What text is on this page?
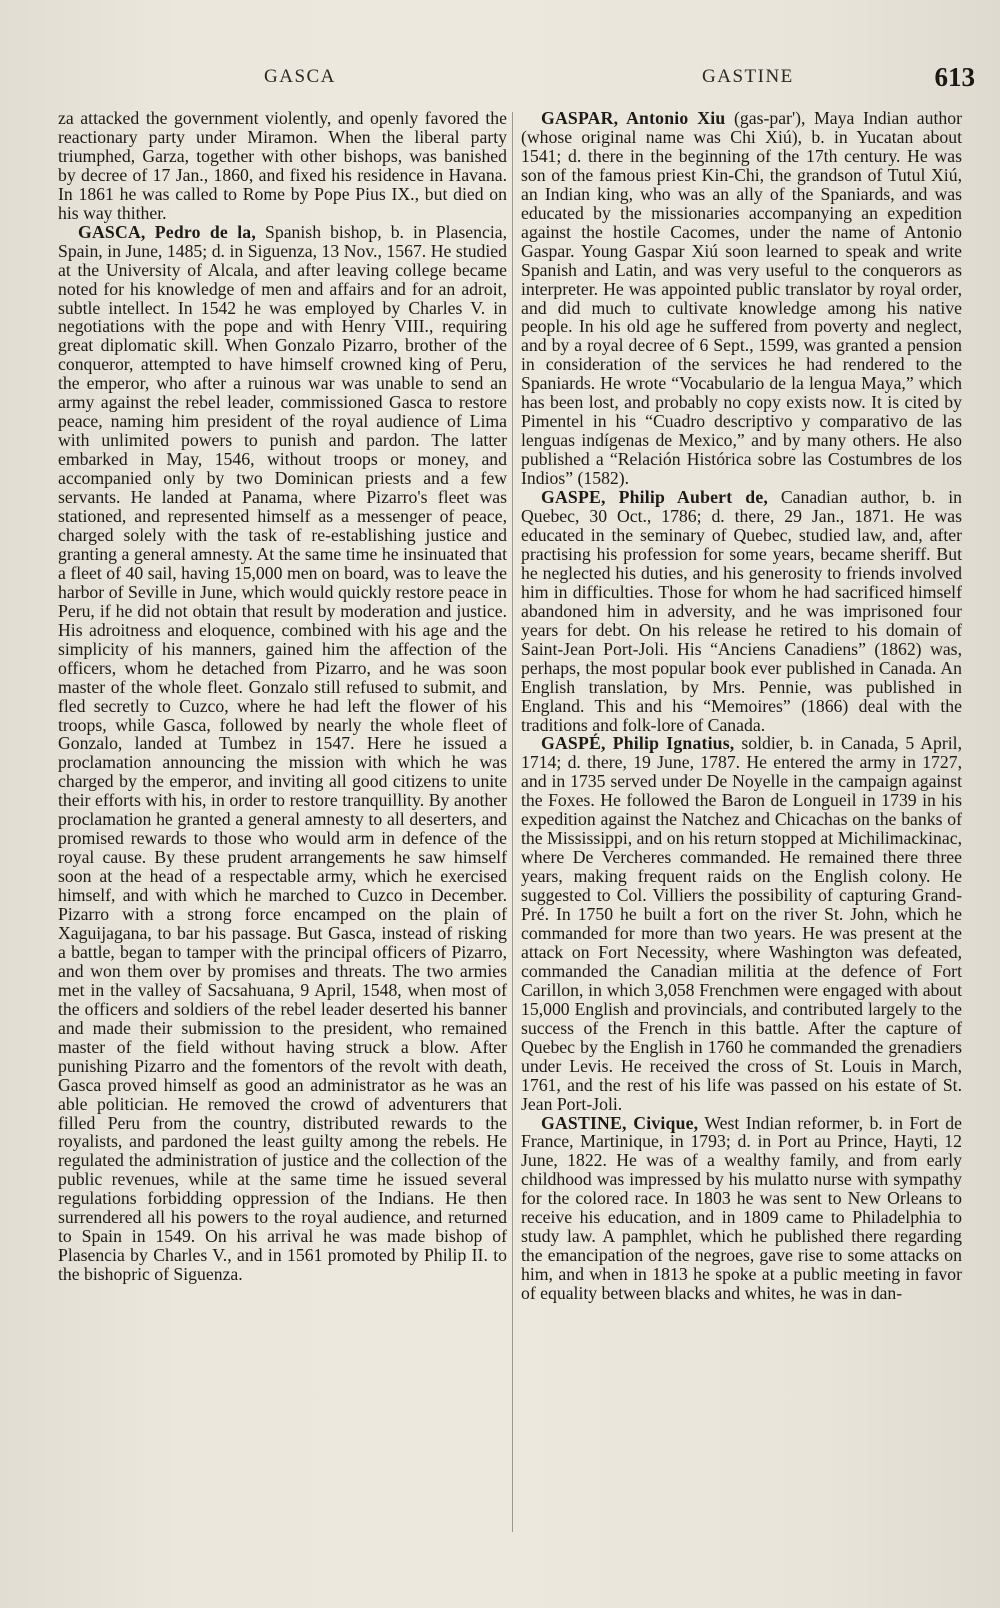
GASCA	GASTINE	613

za attacked the government violently, and openly favored the reactionary party under Miramon. When the liberal party triumphed, Garza, together with other bishops, was banished by decree of 17 Jan., 1860, and fixed his residence in Havana. In 1861 he was called to Rome by Pope Pius IX., but died on his way thither.

GASCA, Pedro de la, Spanish bishop, b. in Plasencia, Spain, in June, 1485; d. in Siguenza, 13 Nov., 1567. He studied at the University of Alcala, and after leaving college became noted for his knowledge of men and affairs and for an adroit, subtle intellect. In 1542 he was employed by Charles V. in negotiations with the pope and with Henry VIII., requiring great diplomatic skill. When Gonzalo Pizarro, brother of the conqueror, attempted to have himself crowned king of Peru, the emperor, who after a ruinous war was unable to send an army against the rebel leader, commissioned Gasca to restore peace, naming him president of the royal audience of Lima with unlimited powers to punish and pardon. The latter embarked in May, 1546, without troops or money, and accompanied only by two Dominican priests and a few servants. He landed at Panama, where Pizarro's fleet was stationed, and represented himself as a messenger of peace, charged solely with the task of re-establishing justice and granting a general amnesty. At the same time he insinuated that a fleet of 40 sail, having 15,000 men on board, was to leave the harbor of Seville in June, which would quickly restore peace in Peru, if he did not obtain that result by moderation and justice. His adroitness and eloquence, combined with his age and the simplicity of his manners, gained him the affection of the officers, whom he detached from Pizarro, and he was soon master of the whole fleet. Gonzalo still refused to submit, and fled secretly to Cuzco, where he had left the flower of his troops, while Gasca, followed by nearly the whole fleet of Gonzalo, landed at Tumbez in 1547. Here he issued a proclamation announcing the mission with which he was charged by the emperor, and inviting all good citizens to unite their efforts with his, in order to restore tranquillity. By another proclamation he granted a general amnesty to all deserters, and promised rewards to those who would arm in defence of the royal cause. By these prudent arrangements he saw himself soon at the head of a respectable army, which he exercised himself, and with which he marched to Cuzco in December. Pizarro with a strong force encamped on the plain of Xaguijagana, to bar his passage. But Gasca, instead of risking a battle, began to tamper with the principal officers of Pizarro, and won them over by promises and threats. The two armies met in the valley of Sacsahuana, 9 April, 1548, when most of the officers and soldiers of the rebel leader deserted his banner and made their submission to the president, who remained master of the field without having struck a blow. After punishing Pizarro and the fomentors of the revolt with death, Gasca proved himself as good an administrator as he was an able politician. He removed the crowd of adventurers that filled Peru from the country, distributed rewards to the royalists, and pardoned the least guilty among the rebels. He regulated the administration of justice and the collection of the public revenues, while at the same time he issued several regulations forbidding oppression of the Indians. He then surrendered all his powers to the royal audience, and returned to Spain in 1549. On his arrival he was made bishop of Plasencia by Charles V., and in 1561 promoted by Philip II. to the bishopric of Siguenza.

GASPAR, Antonio Xiu (gas-par'), Maya Indian author (whose original name was Chi Xiú), b. in Yucatan about 1541; d. there in the beginning of the 17th century. He was son of the famous priest Kin-Chi, the grandson of Tutul Xiú, an Indian king, who was an ally of the Spaniards, and was educated by the missionaries accompanying an expedition against the hostile Cacomes, under the name of Antonio Gaspar. Young Gaspar Xiú soon learned to speak and write Spanish and Latin, and was very useful to the conquerors as interpreter. He was appointed public translator by royal order, and did much to cultivate knowledge among his native people. In his old age he suffered from poverty and neglect, and by a royal decree of 6 Sept., 1599, was granted a pension in consideration of the services he had rendered to the Spaniards. He wrote “Vocabulario de la lengua Maya,” which has been lost, and probably no copy exists now. It is cited by Pimentel in his “Cuadro descriptivo y comparativo de las lenguas indígenas de Mexico,” and by many others. He also published a “Relación Histórica sobre las Costumbres de los Indios” (1582).

GASPE, Philip Aubert de, Canadian author, b. in Quebec, 30 Oct., 1786; d. there, 29 Jan., 1871. He was educated in the seminary of Quebec, studied law, and, after practising his profession for some years, became sheriff. But he neglected his duties, and his generosity to friends involved him in difficulties. Those for whom he had sacrificed himself abandoned him in adversity, and he was imprisoned four years for debt. On his release he retired to his domain of Saint-Jean Port-Joli. His “Anciens Canadiens” (1862) was, perhaps, the most popular book ever published in Canada. An English translation, by Mrs. Pennie, was published in England. This and his “Memoires” (1866) deal with the traditions and folk-lore of Canada.

GASPÉ, Philip Ignatius, soldier, b. in Canada, 5 April, 1714; d. there, 19 June, 1787. He entered the army in 1727, and in 1735 served under De Noyelle in the campaign against the Foxes. He followed the Baron de Longueil in 1739 in his expedition against the Natchez and Chicachas on the banks of the Mississippi, and on his return stopped at Michilimackinac, where De Vercheres commanded. He remained there three years, making frequent raids on the English colony. He suggested to Col. Villiers the possibility of capturing Grand-Pré. In 1750 he built a fort on the river St. John, which he commanded for more than two years. He was present at the attack on Fort Necessity, where Washington was defeated, commanded the Canadian militia at the defence of Fort Carillon, in which 3,058 Frenchmen were engaged with about 15,000 English and provincials, and contributed largely to the success of the French in this battle. After the capture of Quebec by the English in 1760 he commanded the grenadiers under Levis. He received the cross of St. Louis in March, 1761, and the rest of his life was passed on his estate of St. Jean Port-Joli.

GASTINE, Civique, West Indian reformer, b. in Fort de France, Martinique, in 1793; d. in Port au Prince, Hayti, 12 June, 1822. He was of a wealthy family, and from early childhood was impressed by his mulatto nurse with sympathy for the colored race. In 1803 he was sent to New Orleans to receive his education, and in 1809 came to Philadelphia to study law. A pamphlet, which he published there regarding the emancipation of the negroes, gave rise to some attacks on him, and when in 1813 he spoke at a public meeting in favor of equality between blacks and whites, he was in dan-
